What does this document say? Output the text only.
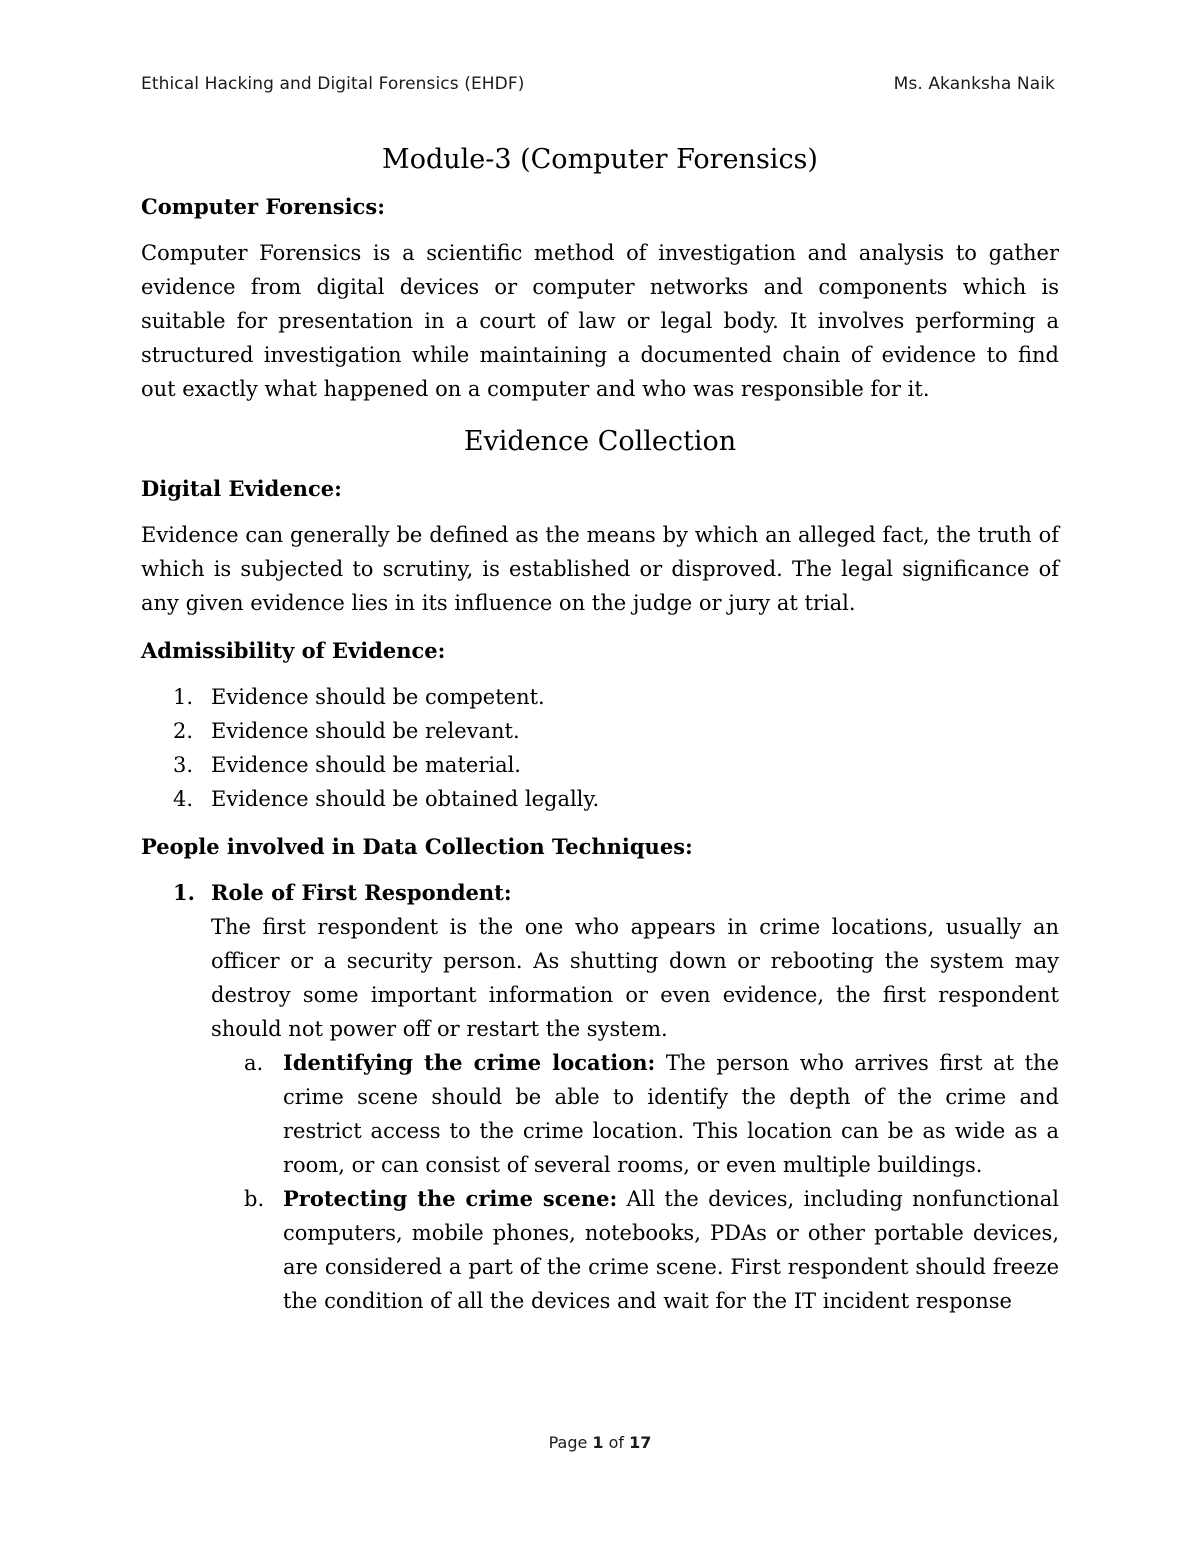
Ethical Hacking and Digital Forensics (EHDF)	Ms. Akanksha Naik
Module-3 (Computer Forensics)
Computer Forensics:
Computer Forensics is a scientific method of investigation and analysis to gather evidence from digital devices or computer networks and components which is suitable for presentation in a court of law or legal body. It involves performing a structured investigation while maintaining a documented chain of evidence to find out exactly what happened on a computer and who was responsible for it.
Evidence Collection
Digital Evidence:
Evidence can generally be defined as the means by which an alleged fact, the truth of which is subjected to scrutiny, is established or disproved. The legal significance of any given evidence lies in its influence on the judge or jury at trial.
Admissibility of Evidence:
1. Evidence should be competent.
2. Evidence should be relevant.
3. Evidence should be material.
4. Evidence should be obtained legally.
People involved in Data Collection Techniques:
1. Role of First Respondent:
The first respondent is the one who appears in crime locations, usually an officer or a security person. As shutting down or rebooting the system may destroy some important information or even evidence, the first respondent should not power off or restart the system.
a. Identifying the crime location: The person who arrives first at the crime scene should be able to identify the depth of the crime and restrict access to the crime location. This location can be as wide as a room, or can consist of several rooms, or even multiple buildings.
b. Protecting the crime scene: All the devices, including nonfunctional computers, mobile phones, notebooks, PDAs or other portable devices, are considered a part of the crime scene. First respondent should freeze the condition of all the devices and wait for the IT incident response
Page 1 of 17
